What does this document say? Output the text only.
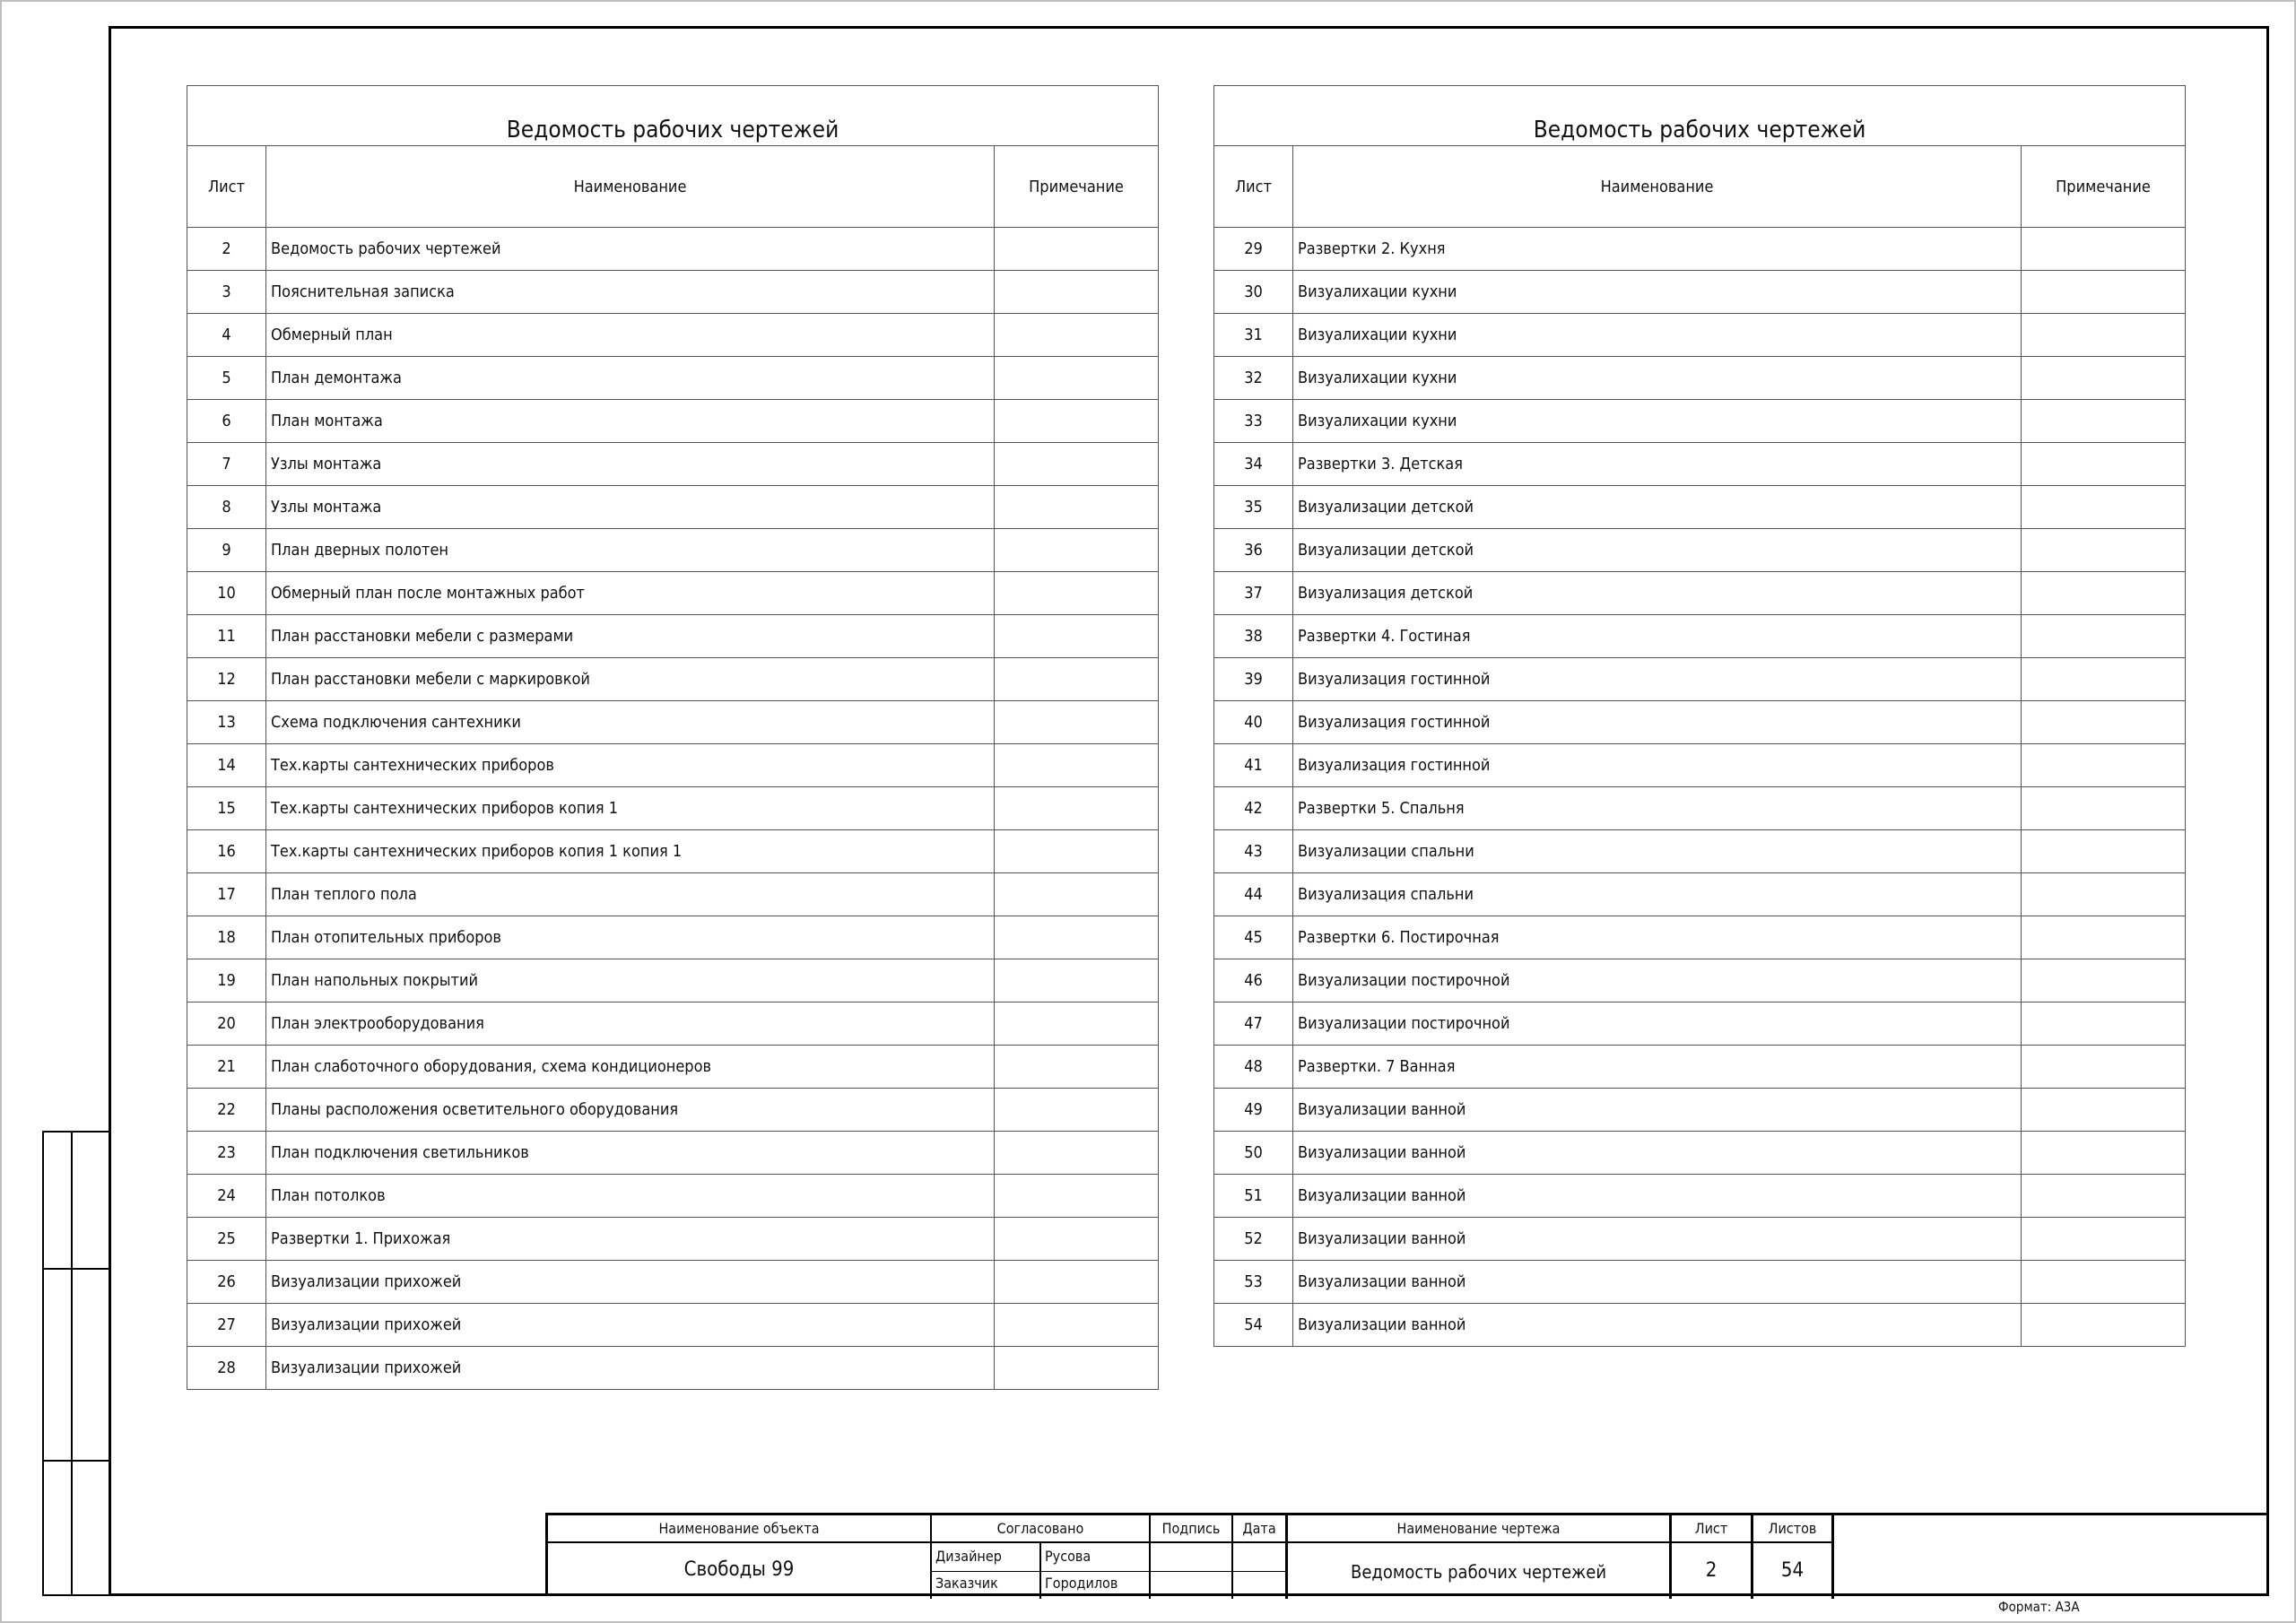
Ведомость рабочих чертежей		
Лист	Наименование	Примечание
2	Ведомость рабочих чертежей	
3	Пояснительная записка	
4	Обмерный план	
5	План демонтажа	
6	План монтажа	
7	Узлы монтажа	
8	Узлы монтажа	
9	План дверных полотен	
10	Обмерный план после монтажных работ	
11	План расстановки мебели с размерами	
12	План расстановки мебели с маркировкой	
13	Схема подключения сантехники	
14	Тех.карты сантехнических приборов	
15	Тех.карты сантехнических приборов копия 1	
16	Тех.карты сантехнических приборов копия 1 копия 1	
17	План теплого пола	
18	План отопительных приборов	
19	План напольных покрытий	
20	План электрооборудования	
21	План слаботочного оборудования, схема кондиционеров	
22	Планы расположения осветительного оборудования	
23	План подключения светильников	
24	План потолков	
25	Развертки 1. Прихожая	
26	Визуализации прихожей	
27	Визуализации прихожей	
28	Визуализации прихожей	
Ведомость рабочих чертежей		
Лист	Наименование	Примечание
29	Развертки 2. Кухня	
30	Визуалихации кухни	
31	Визуалихации кухни	
32	Визуалихации кухни	
33	Визуалихации кухни	
34	Развертки 3. Детская	
35	Визуализации детской	
36	Визуализации детской	
37	Визуализация детской	
38	Развертки 4. Гостиная	
39	Визуализация гостинной	
40	Визуализация гостинной	
41	Визуализация гостинной	
42	Развертки 5. Спальня	
43	Визуализации спальни	
44	Визуализация спальни	
45	Развертки 6. Постирочная	
46	Визуализации постирочной	
47	Визуализации постирочной	
48	Развертки. 7 Ванная	
49	Визуализации ванной	
50	Визуализации ванной	
51	Визуализации ванной	
52	Визуализации ванной	
53	Визуализации ванной	
54	Визуализации ванной	
Наименование объекта
Свободы 99
Согласовано	Подпись	Дата
Дизайнер	Русова
Заказчик	Городилов
Наименование чертежа
Ведомость рабочих чертежей
Лист
2
Листов
54
Формат: А3А
